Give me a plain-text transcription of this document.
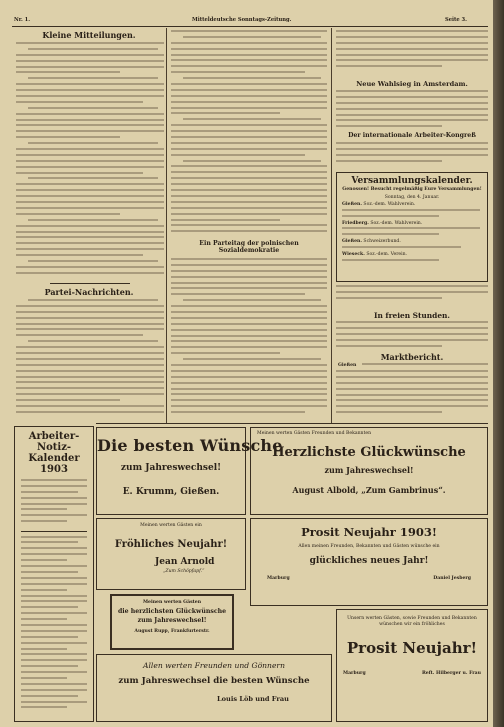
Nr. 1.	Mitteldeutsche Sonntags-Zeitung.	Seite 3.
Kleine Mitteilungen.
Partei-Nachrichten.
Ein Parteitag der polnischen Sozialdemokratie
Neue Wahlsieg in Amsterdam.
Der internationale Arbeiter-Kongreß
Versammlungskalender.
Genossen! Besucht regelmäßig Eure Versammlungen!
Sonntag, den 4. Januar.
Gießen. Soz.-dem. Wahlverein.
Friedberg. Soz.-dem. Wahlverein.
Gießen. Schweizerbund.
Wieseck. Soz.-dem. Verein.
In freien Stunden.
Marktbericht.
Gießen
Arbeiter-Notiz-
Kalender 1903
Die besten Wünsche
zum Jahreswechsel!
E. Krumm, Gießen.
Meinen werten Gästen ein
Fröhliches Neujahr!
Jean Arnold
„Zum Schöpfapf.“
Meinen werten Gästen
die herzlichsten Glückwünsche
zum Jahreswechsel!
August Rupp, Frankfurterstr.
Allen werten Freunden und Gönnern
zum Jahreswechsel die besten Wünsche
Louis Löb und Frau
Meinen werten Gästen Freunden und Bekannten
Herzlichste Glückwünsche
zum Jahreswechsel!
August Albold, „Zum Gambrinus“.
Prosit Neujahr 1903!
Allen meinen Freunden, Bekannten und Gästen wünsche ein
glückliches neues Jahr!
Marburg	Daniel Jesberg
Unsern werten Gästen, sowie Freunden und Bekannten wünschen wir ein fröhliches
Prosit Neujahr!
Marburg	Reft. Hilberger u. Frau
